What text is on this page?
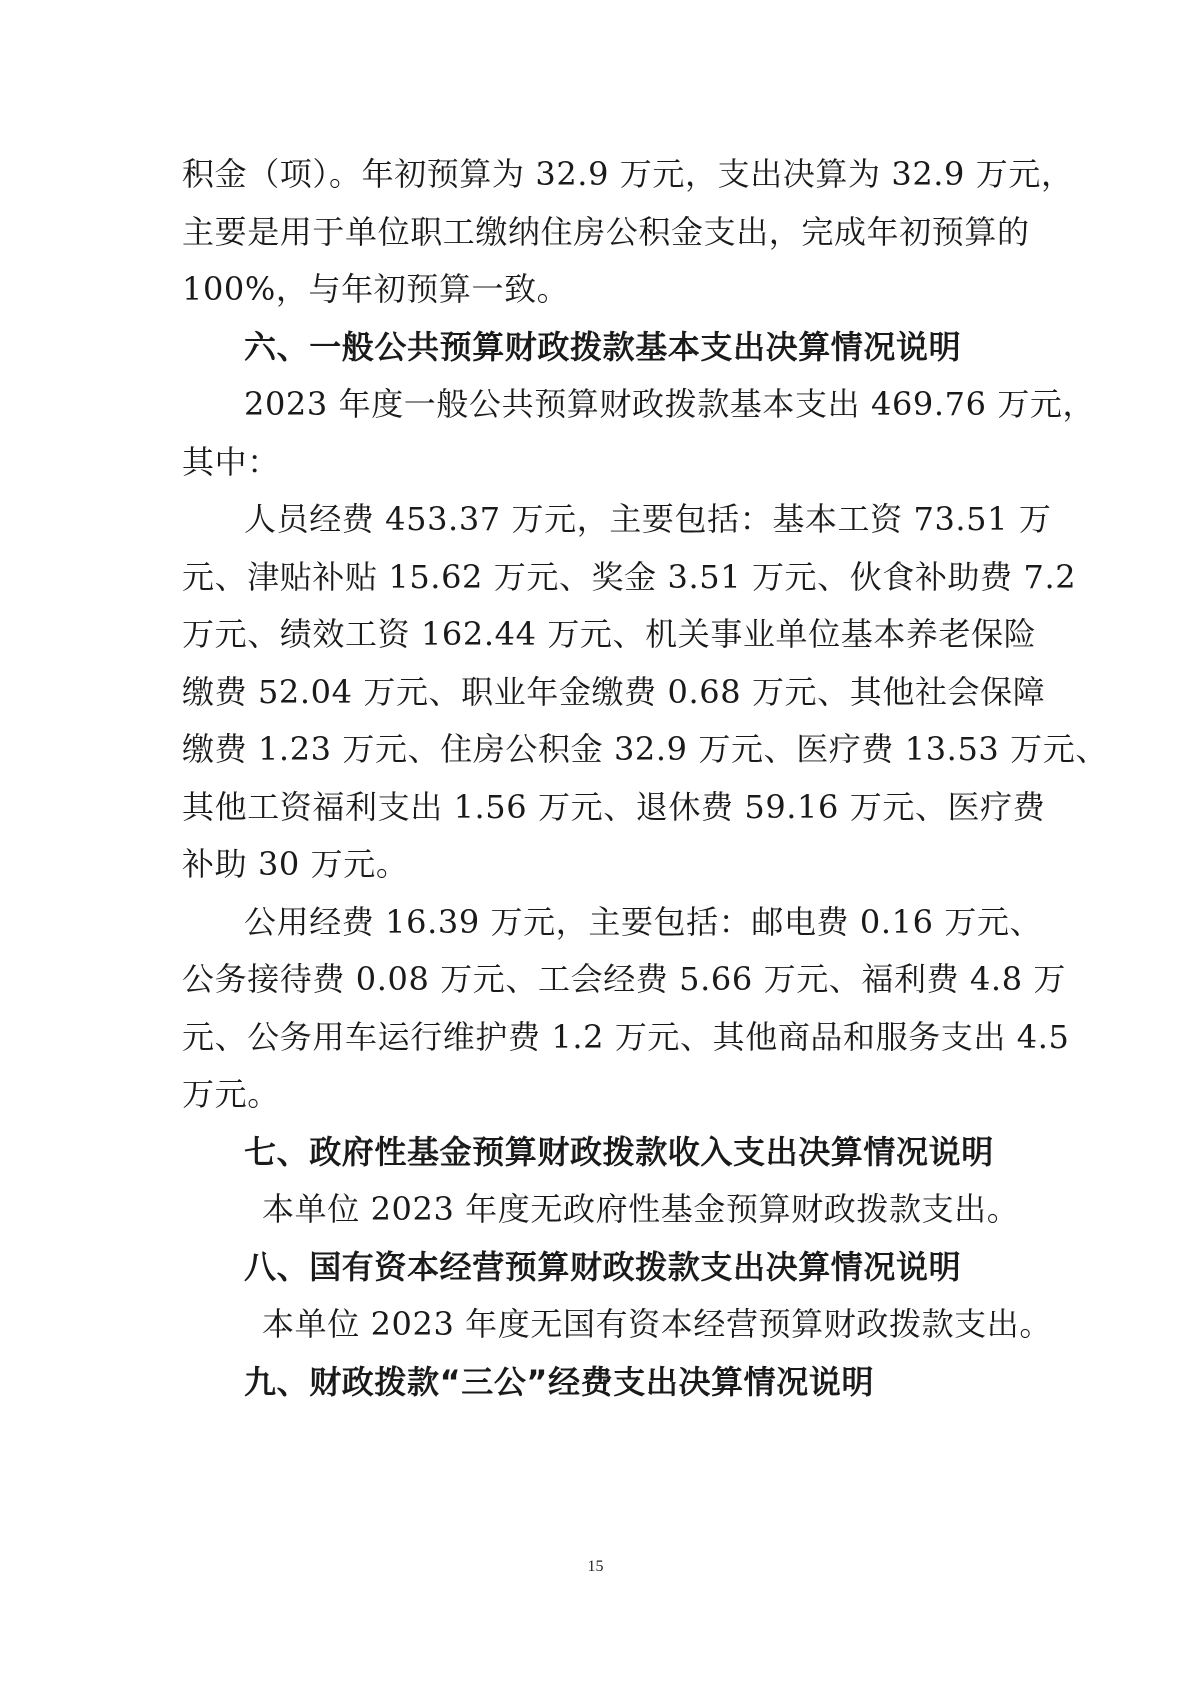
积金（项）。年初预算为 32.9 万元，支出决算为 32.9 万元，
主要是用于单位职工缴纳住房公积金支出，完成年初预算的
100%，与年初预算一致。
六、一般公共预算财政拨款基本支出决算情况说明
2023 年度一般公共预算财政拨款基本支出 469.76 万元，
其中：
人员经费 453.37 万元，主要包括：基本工资 73.51 万
元、津贴补贴 15.62 万元、奖金 3.51 万元、伙食补助费 7.2
万元、绩效工资 162.44 万元、机关事业单位基本养老保险
缴费 52.04 万元、职业年金缴费 0.68 万元、其他社会保障
缴费 1.23 万元、住房公积金 32.9 万元、医疗费 13.53 万元、
其他工资福利支出 1.56 万元、退休费 59.16 万元、医疗费
补助 30 万元。
公用经费 16.39 万元，主要包括：邮电费 0.16 万元、
公务接待费 0.08 万元、工会经费 5.66 万元、福利费 4.8 万
元、公务用车运行维护费 1.2 万元、其他商品和服务支出 4.5
万元。
七、政府性基金预算财政拨款收入支出决算情况说明
本单位 2023 年度无政府性基金预算财政拨款支出。
八、国有资本经营预算财政拨款支出决算情况说明
本单位 2023 年度无国有资本经营预算财政拨款支出。
九、财政拨款“三公”经费支出决算情况说明
15
